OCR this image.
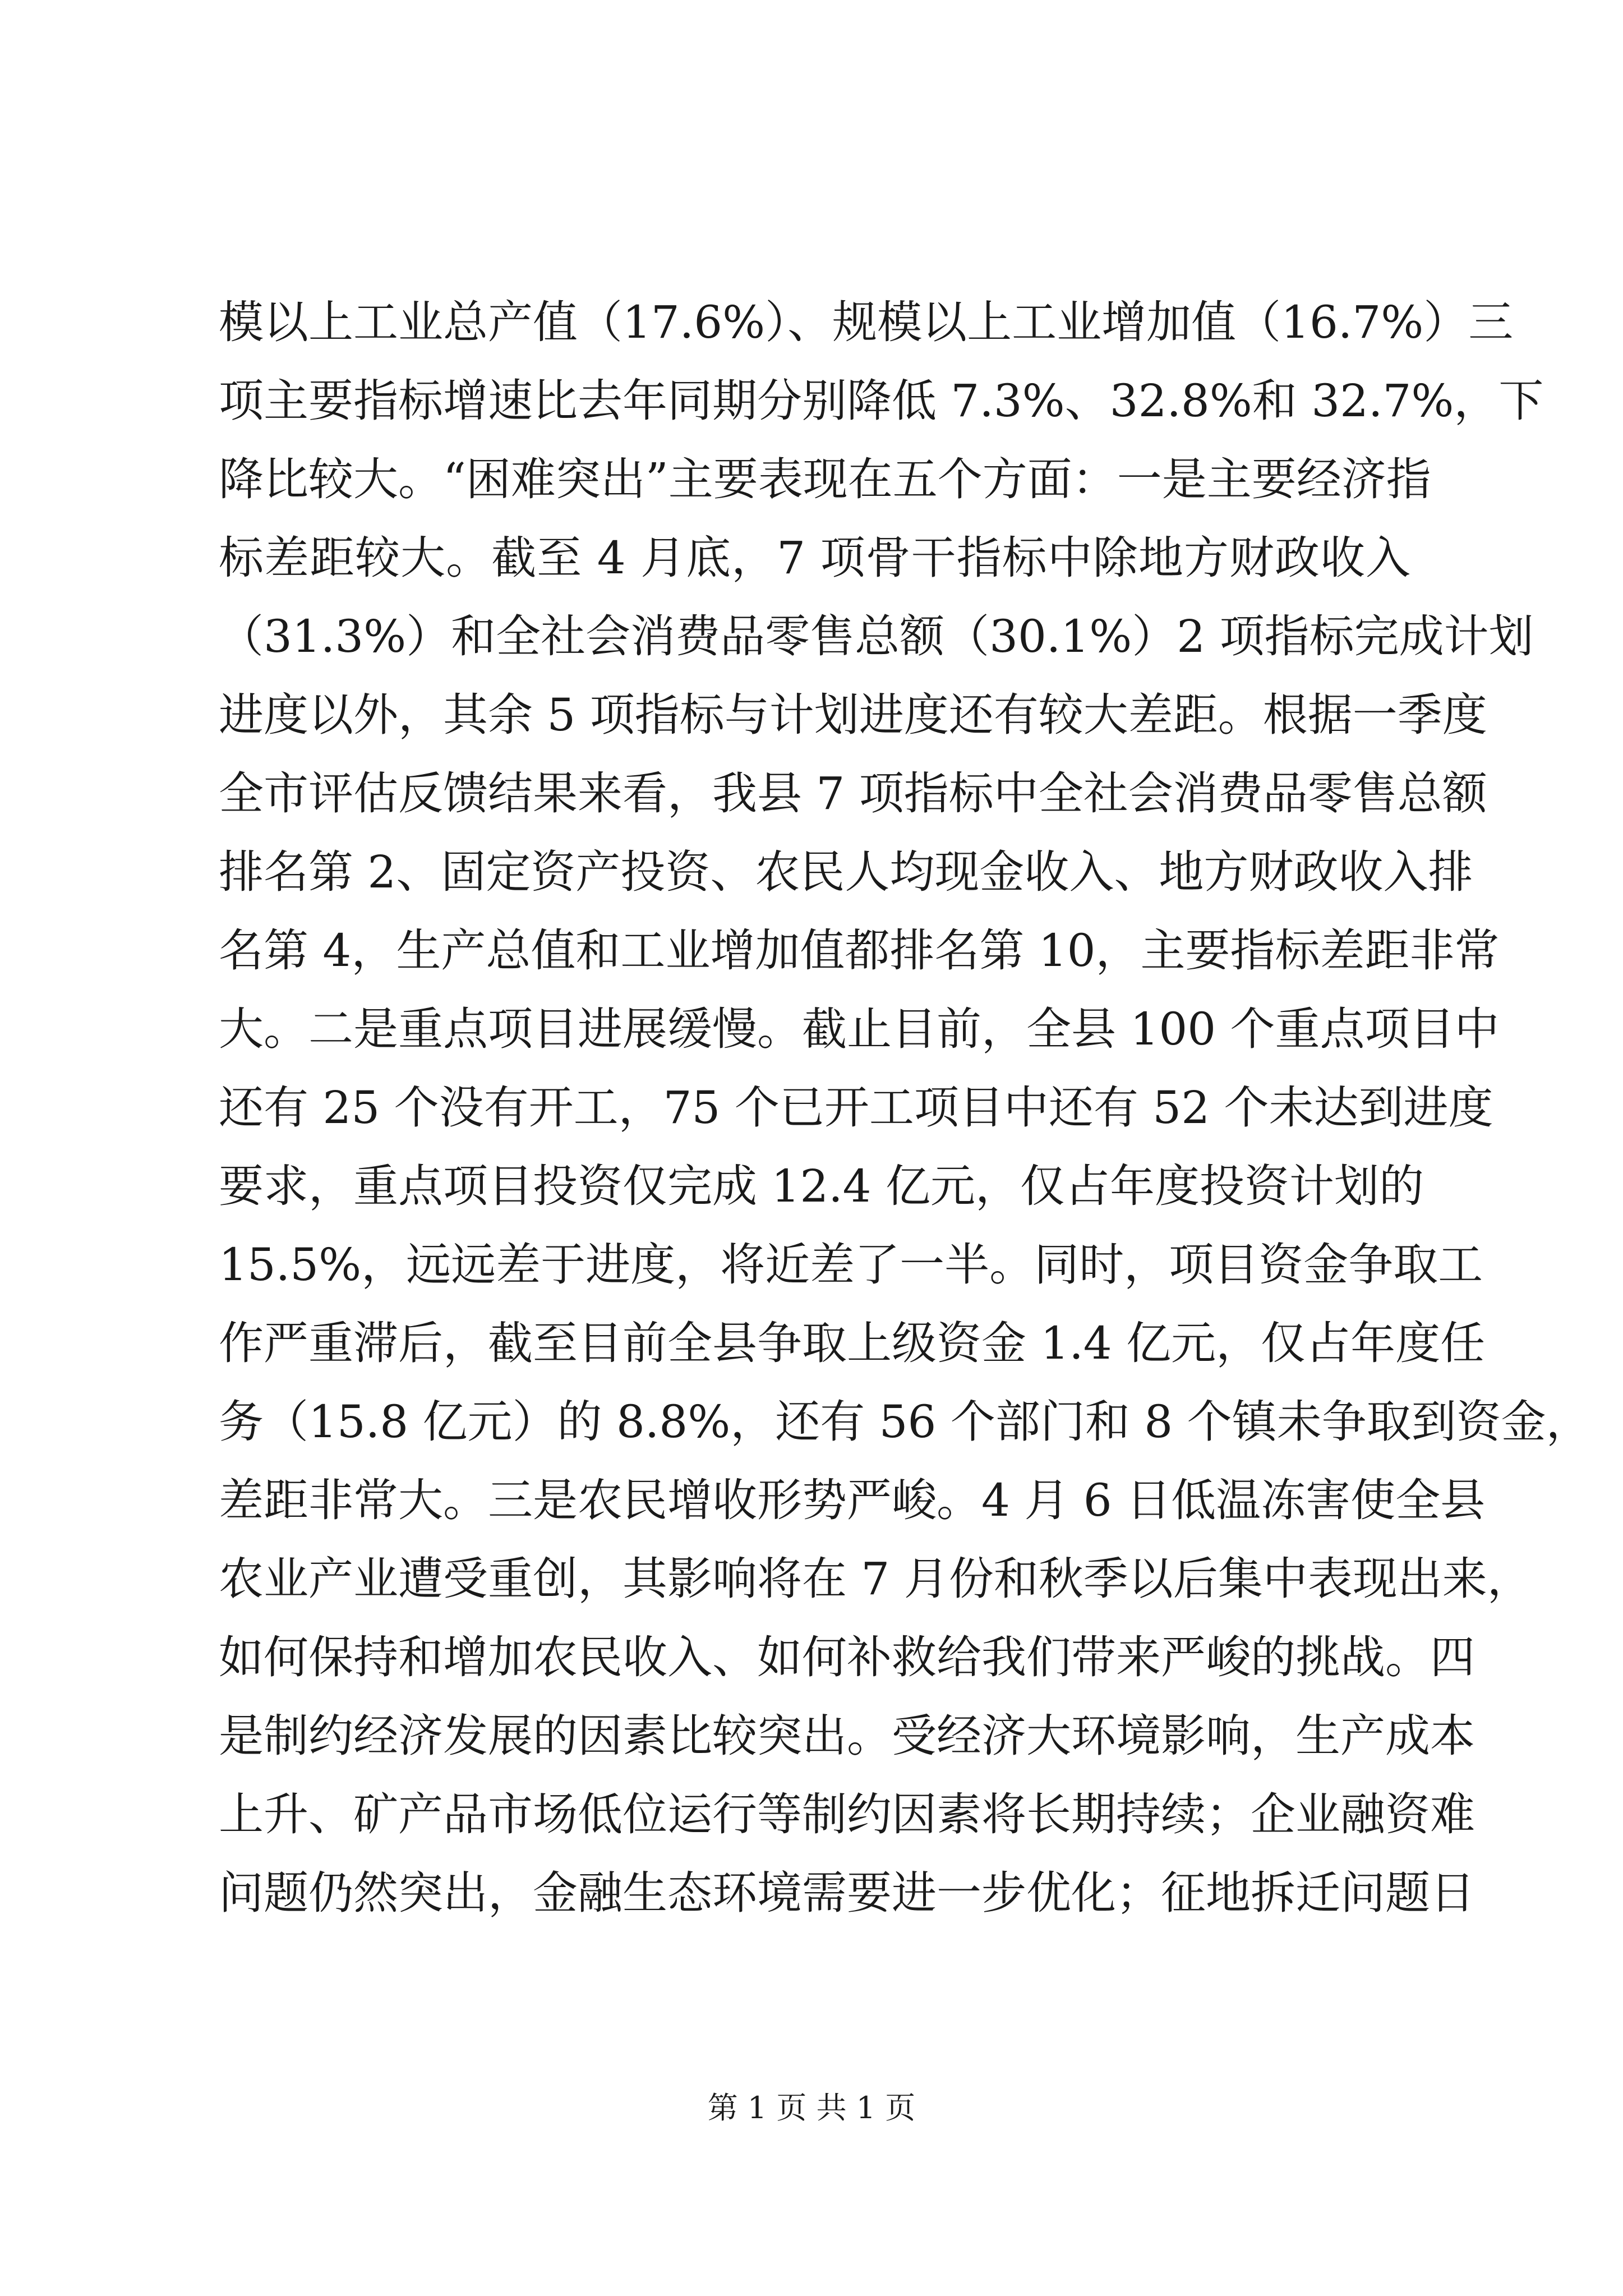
模以上工业总产值（17.6%）、规模以上工业增加值（16.7%）三
项主要指标增速比去年同期分别降低 7.3%、32.8%和 32.7%，下
降比较大。“困难突出”主要表现在五个方面：一是主要经济指
标差距较大。截至 4 月底，7 项骨干指标中除地方财政收入
（31.3%）和全社会消费品零售总额（30.1%）2 项指标完成计划
进度以外，其余 5 项指标与计划进度还有较大差距。根据一季度
全市评估反馈结果来看，我县 7 项指标中全社会消费品零售总额
排名第 2、固定资产投资、农民人均现金收入、地方财政收入排
名第 4，生产总值和工业增加值都排名第 10，主要指标差距非常
大。二是重点项目进展缓慢。截止目前，全县 100 个重点项目中
还有 25 个没有开工，75 个已开工项目中还有 52 个未达到进度
要求，重点项目投资仅完成 12.4 亿元，仅占年度投资计划的
15.5%，远远差于进度，将近差了一半。同时，项目资金争取工
作严重滞后，截至目前全县争取上级资金 1.4 亿元，仅占年度任
务（15.8 亿元）的 8.8%，还有 56 个部门和 8 个镇未争取到资金，
差距非常大。三是农民增收形势严峻。4 月 6 日低温冻害使全县
农业产业遭受重创，其影响将在 7 月份和秋季以后集中表现出来，
如何保持和增加农民收入、如何补救给我们带来严峻的挑战。四
是制约经济发展的因素比较突出。受经济大环境影响，生产成本
上升、矿产品市场低位运行等制约因素将长期持续；企业融资难
问题仍然突出，金融生态环境需要进一步优化；征地拆迁问题日
第 1 页 共 1 页
